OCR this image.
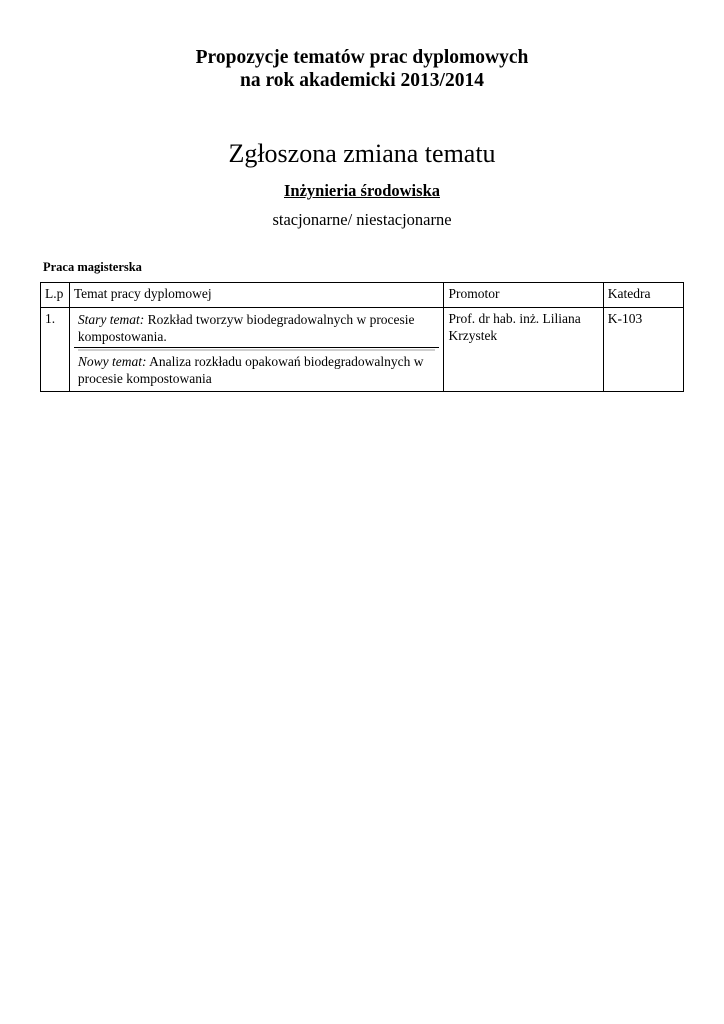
Propozycje tematów prac dyplomowych
na rok akademicki 2013/2014
Zgłoszona zmiana tematu
Inżynieria środowiska
stacjonarne/ niestacjonarne
Praca magisterska
L.p	Temat pracy dyplomowej	Promotor	Katedra
1.	Stary temat: Rozkład tworzyw biodegradowalnych w procesie kompostowania.
Nowy temat: Analiza rozkładu opakowań biodegradowalnych w procesie kompostowania	Prof. dr hab. inż. Liliana Krzystek	K-103
